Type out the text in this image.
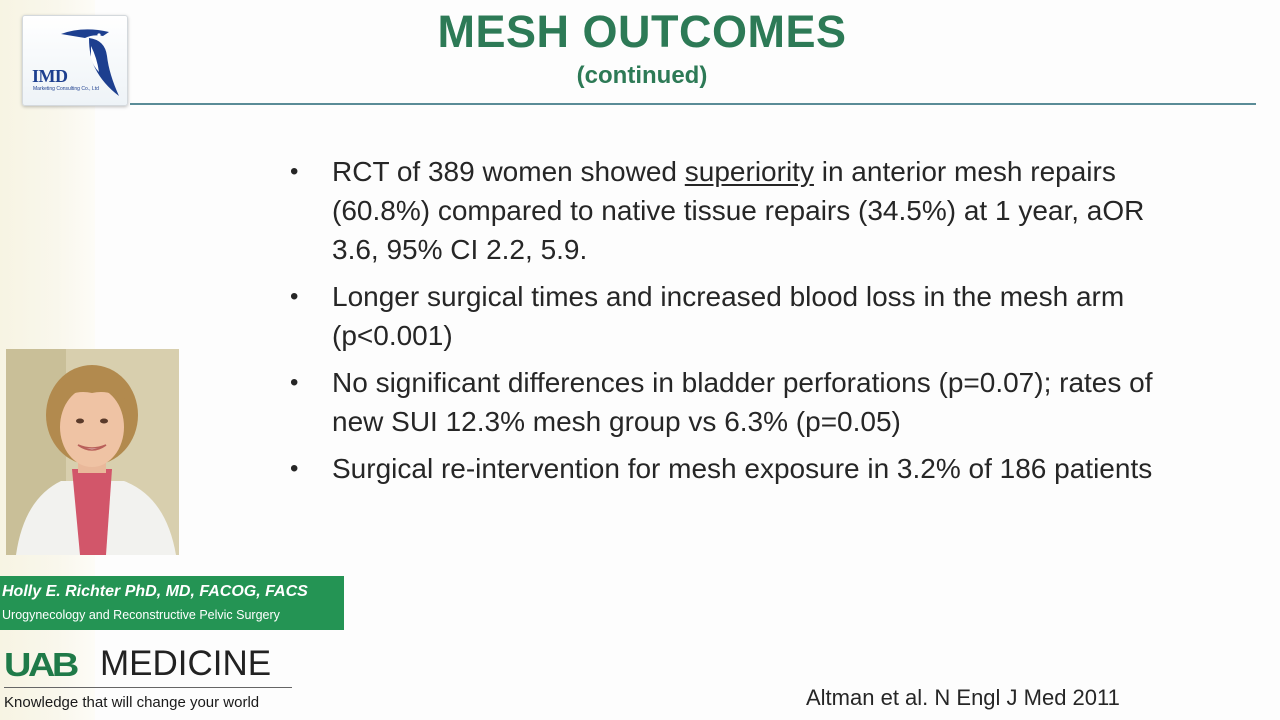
IMD
Marketing Consulting Co., Ltd
MESH OUTCOMES
(continued)
• RCT of 389 women showed superiority in anterior mesh repairs (60.8%) compared to native tissue repairs (34.5%) at 1 year, aOR 3.6, 95% CI 2.2, 5.9.
• Longer surgical times and increased blood loss in the mesh arm (p<0.001)
• No significant differences in bladder perforations (p=0.07); rates of new SUI 12.3% mesh group vs 6.3% (p=0.05)
• Surgical re-intervention for mesh exposure in 3.2% of 186 patients
Holly E. Richter PhD, MD, FACOG, FACS
Urogynecology and Reconstructive Pelvic Surgery
UAB MEDICINE
Knowledge that will change your world	Altman et al. N Engl J Med 2011
